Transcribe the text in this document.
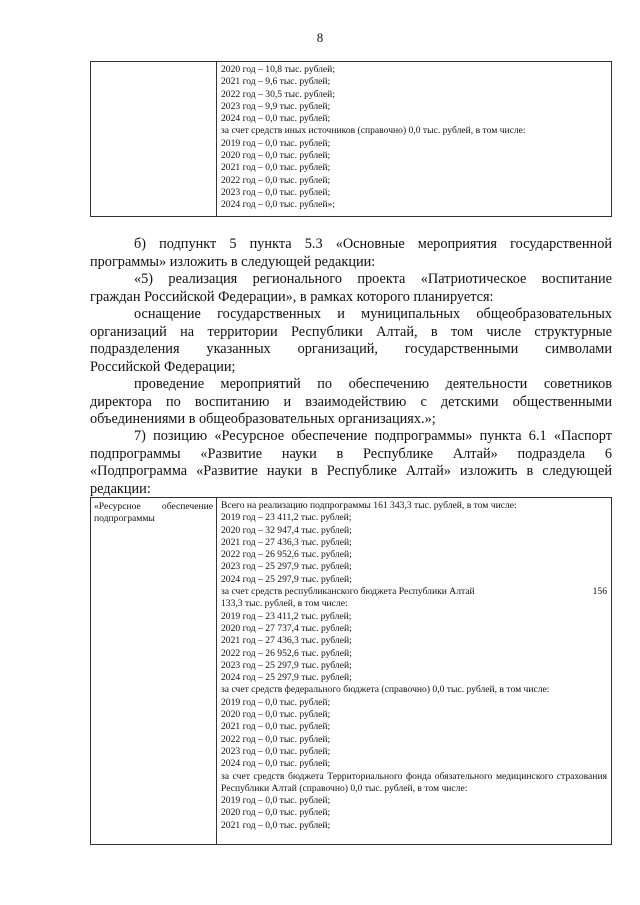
8
2020 год – 10,8 тыс. рублей;
2021 год – 9,6 тыс. рублей;
2022 год – 30,5 тыс. рублей;
2023 год – 9,9 тыс. рублей;
2024 год – 0,0 тыс. рублей;
за счет средств иных источников (справочно) 0,0 тыс. рублей, в том числе:
2019 год – 0,0 тыс. рублей;
2020 год – 0,0 тыс. рублей;
2021 год – 0,0 тыс. рублей;
2022 год – 0,0 тыс. рублей;
2023 год – 0,0 тыс. рублей;
2024 год – 0,0 тыс. рублей»;
б) подпункт 5 пункта 5.3 «Основные мероприятия государственной
программы» изложить в следующей редакции:
«5) реализация регионального проекта «Патриотическое воспитание
граждан Российской Федерации», в рамках которого планируется:
оснащение государственных и муниципальных общеобразовательных
организаций на территории Республики Алтай, в том числе структурные
подразделения указанных организаций, государственными символами
Российской Федерации;
проведение мероприятий по обеспечению деятельности советников
директора по воспитанию и взаимодействию с детскими общественными
объединениями в общеобразовательных организациях.»;
7) позицию «Ресурсное обеспечение подпрограммы» пункта 6.1 «Паспорт
подпрограммы «Развитие науки в Республике Алтай» подраздела 6
«Подпрограмма «Развитие науки в Республике Алтай» изложить в следующей
редакции:
«Ресурсное обеспечение
подпрограммы
Всего на реализацию подпрограммы 161 343,3 тыс. рублей, в том числе:
2019 год – 23 411,2 тыс. рублей;
2020 год – 32 947,4 тыс. рублей;
2021 год – 27 436,3 тыс. рублей;
2022 год – 26 952,6 тыс. рублей;
2023 год – 25 297,9 тыс. рублей;
2024 год – 25 297,9 тыс. рублей;
за счет средств республиканского бюджета Республики Алтай	156
133,3 тыс. рублей, в том числе:
2019 год – 23 411,2 тыс. рублей;
2020 год – 27 737,4 тыс. рублей;
2021 год – 27 436,3 тыс. рублей;
2022 год – 26 952,6 тыс. рублей;
2023 год – 25 297,9 тыс. рублей;
2024 год – 25 297,9 тыс. рублей;
за счет средств федерального бюджета (справочно) 0,0 тыс. рублей, в том числе:
2019 год – 0,0 тыс. рублей;
2020 год – 0,0 тыс. рублей;
2021 год – 0,0 тыс. рублей;
2022 год – 0,0 тыс. рублей;
2023 год – 0,0 тыс. рублей;
2024 год – 0,0 тыс. рублей;
за счет средств бюджета Территориального фонда обязательного медицинского страхования Республики Алтай (справочно) 0,0 тыс. рублей, в том числе:
2019 год – 0,0 тыс. рублей;
2020 год – 0,0 тыс. рублей;
2021 год – 0,0 тыс. рублей;
